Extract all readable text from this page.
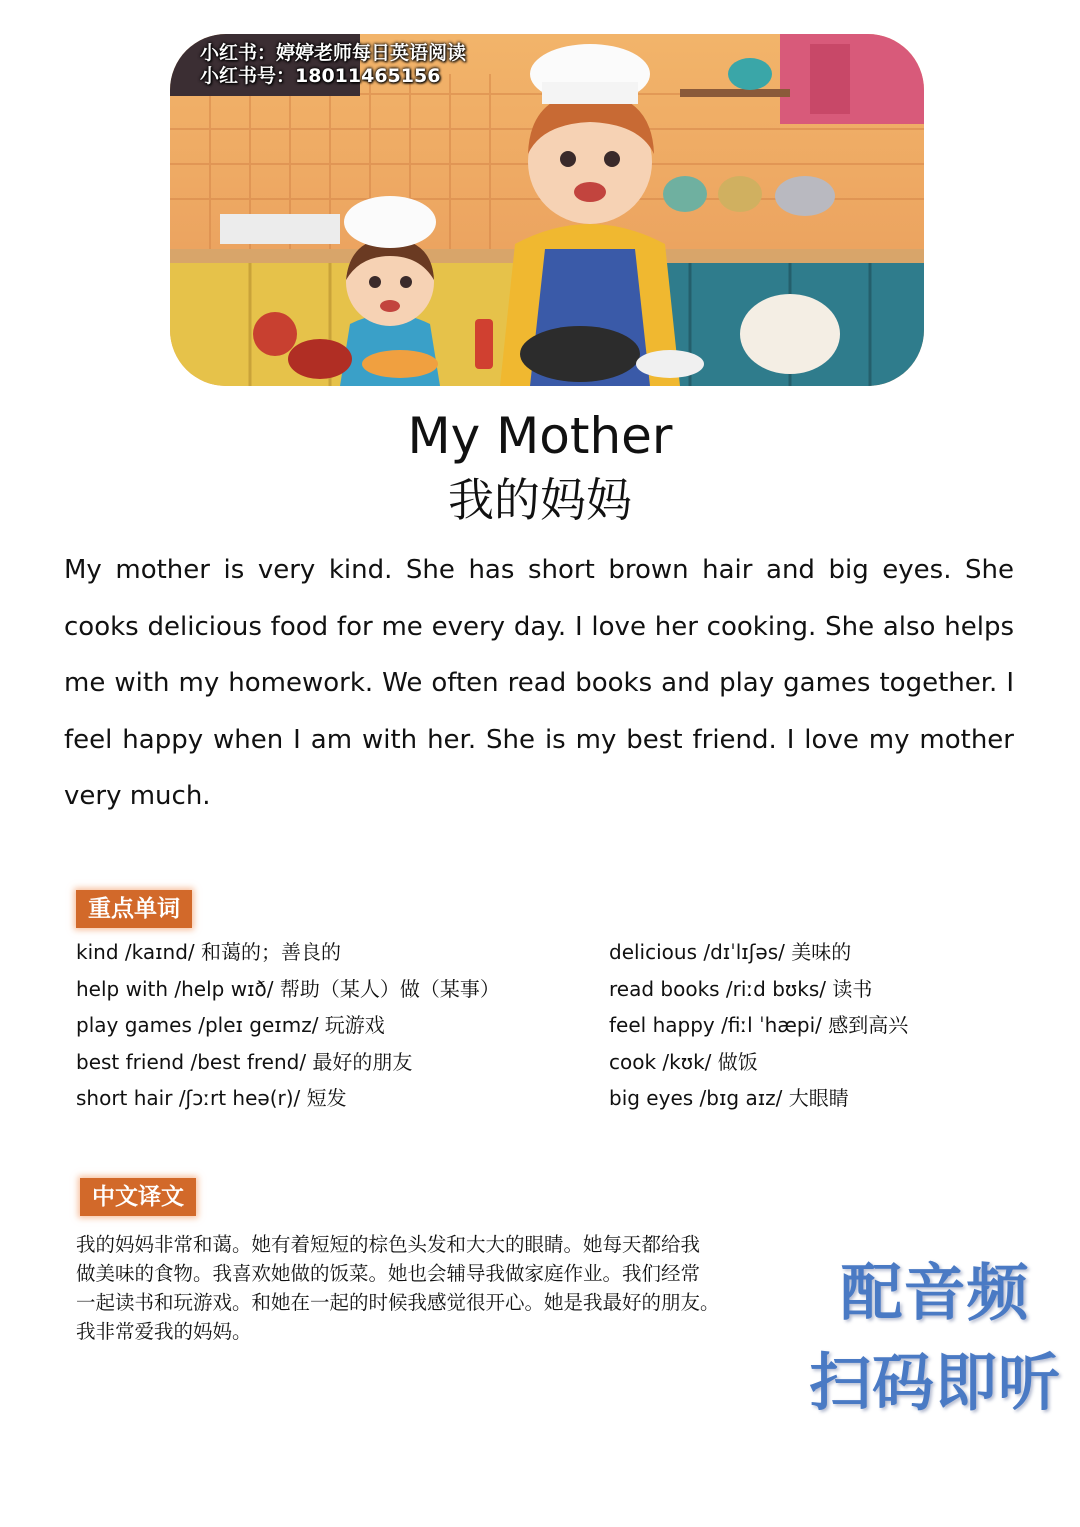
小红书：婷婷老师每日英语阅读
小红书号：18011465156
My Mother
我的妈妈

My mother is very kind. She has short brown hair and big eyes. She cooks delicious food for me every day. I love her cooking. She also helps me with my homework. We often read books and play games together. I feel happy when I am with her. She is my best friend. I love my mother very much.

重点单词
kind /kaɪnd/ 和蔼的；善良的
help with /help wɪð/ 帮助（某人）做（某事）
play games /pleɪ geɪmz/ 玩游戏
best friend /best frend/ 最好的朋友
short hair /ʃɔːrt heə(r)/ 短发
delicious /dɪˈlɪʃəs/ 美味的
read books /riːd bʊks/ 读书
feel happy /fiːl ˈhæpi/ 感到高兴
cook /kʊk/ 做饭
big eyes /bɪg aɪz/ 大眼睛
中文译文
我的妈妈非常和蔼。她有着短短的棕色头发和大大的眼睛。她每天都给我
做美味的食物。我喜欢她做的饭菜。她也会辅导我做家庭作业。我们经常
一起读书和玩游戏。和她在一起的时候我感觉很开心。她是我最好的朋友。
我非常爱我的妈妈。
配音频
扫码即听
